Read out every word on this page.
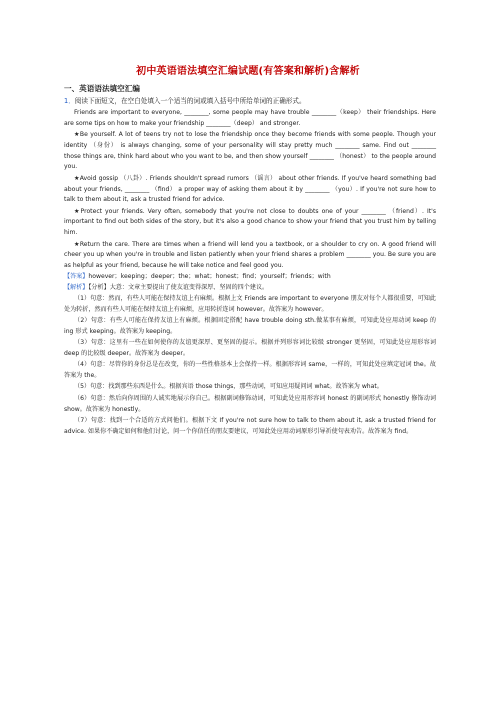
初中英语语法填空汇编试题(有答案和解析)含解析
一、英语语法填空汇编
1．阅读下面短文，在空白处填入一个适当的词或填入括号中所给单词的正确形式。

Friends are important to everyone, ________, some people may have trouble ________（keep） their friendships. Here are some tips on how to make your friendship ________（deep） and stronger.

★Be yourself. A lot of teens try not to lose the friendship once they become friends with some people. Though your identity （身份） is always changing, some of your personality will stay pretty much ________ same. Find out ________ those things are, think hard about who you want to be, and then show yourself ________ （honest） to the people around you.

★Avoid gossip （八卦）. Friends shouldn't spread rumors （谣言） about other friends. If you've heard something bad about your friends, ________ （find） a proper way of asking them about it by ________ （you）. If you're not sure how to talk to them about it, ask a trusted friend for advice.

★Protect your friends. Very often, somebody that you're not close to doubts one of your ________ （friend）. It's important to find out both sides of the story, but it's also a good chance to show your friend that you trust him by telling him.

★Return the care. There are times when a friend will lend you a textbook, or a shoulder to cry on. A good friend will cheer you up when you're in trouble and listen patiently when your friend shares a problem ________ you. Be sure you are as helpful as your friend, because he will take notice and feel good you.

【答案】however；keeping；deeper；the；what；honest；find；yourself；friends；with

【解析】【分析】大意：文章主要提出了使友谊变得深厚、坚固的四个建议。

（1）句意：然而，有些人可能在保持友谊上有麻烦。根据上文 Friends are important to everyone 朋友对每个人都很重要，可知此处为转折，然而有些人可能在保持友谊上有麻烦，应用转折连词 however。故答案为 however。

（2）句意：有些人可能在保持友谊上有麻烦。根据固定搭配 have trouble doing sth.做某事有麻烦，可知此处应用动词 keep 的 ing 形式 keeping。故答案为 keeping。

（3）句意：这里有一些在如何使你的友谊更深厚、更坚固的提示。根据并列形容词比较级 stronger 更坚固，可知此处应用形容词 deep 的比较级 deeper。故答案为 deeper。

（4）句意：尽管你的身份总是在改变，你的一些性格基本上会保持一样。根据形容词 same，一样的，可知此处应填定冠词 the。故答案为 the。

（5）句意：找到那些东西是什么。根据宾语 those things，那些动词，可知应用疑问词 what。故答案为 what。

（6）句意：然后向你周围的人诚实地展示你自己。根据副词修饰动词，可知此处应用形容词 honest 的副词形式 honestly 修饰动词 show。故答案为 honestly。

（7）句意：找到一个合适的方式问他们。根据下文 If you're not sure how to talk to them about it, ask a trusted friend for advice. 如果你不确定如何和他们讨论，问一个你信任的朋友要建议，可知此处应用动词原形引导祈使句表劝告。故答案为 find。
